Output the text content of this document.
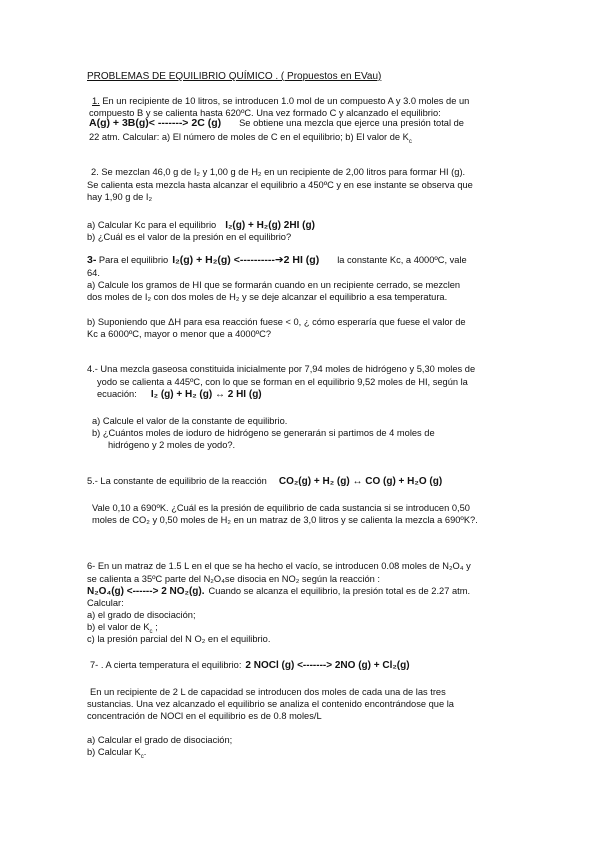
PROBLEMAS DE EQUILIBRIO QUÍMICO . ( Propuestos en EVau)
1. En un recipiente de 10 litros, se introducen 1.0 mol de un compuesto A y 3.0 moles de un
compuesto B y se calienta hasta 620ºC. Una vez formado C y alcanzado el equilibrio:
A(g) + 3B(g)< -------> 2C (g) Se obtiene una mezcla que ejerce una presión total de
22 atm. Calcular: a) El número de moles de C en el equilibrio; b) El valor de $K_c$
2. Se mezclan 46,0 g de I₂ y 1,00 g de H₂ en un recipiente de 2,00 litros para formar HI (g).
Se calienta esta mezcla hasta alcanzar el equilibrio a 450ºC y en ese instante se observa que
hay 1,90 g de I₂
a) Calcular Kc para el equilibrio I₂(g) + H₂(g) 2HI (g)
b) ¿Cuál es el valor de la presión en el equilibrio?
3- Para el equilibrio I₂(g) + H₂(g) <----------➔2 HI (g) la constante Kc, a 4000ºC, vale
64.
a) Calcule los gramos de HI que se formarán cuando en un recipiente cerrado, se mezclen
dos moles de I₂ con dos moles de H₂ y se deje alcanzar el equilibrio a esa temperatura.
b) Suponiendo que ΔH para esa reacción fuese < 0, ¿ cómo esperaría que fuese el valor de
Kc a 6000ºC, mayor o menor que a 4000ºC?
4.- Una mezcla gaseosa constituida inicialmente por 7,94 moles de hidrógeno y 5,30 moles de
yodo se calienta a 445ºC, con lo que se forman en el equilibrio 9,52 moles de HI, según la
ecuación: I₂ (g) + H₂ (g) ↔ 2 HI (g)
a) Calcule el valor de la constante de equilibrio.
b) ¿Cuántos moles de ioduro de hidrógeno se generarán si partimos de 4 moles de
hidrógeno y 2 moles de yodo?.
5.- La constante de equilibrio de la reacción CO₂(g) + H₂ (g) ↔ CO (g) + H₂O (g)
Vale 0,10 a 690ºK. ¿Cuál es la presión de equilibrio de cada sustancia si se introducen 0,50
moles de CO₂ y 0,50 moles de H₂ en un matraz de 3,0 litros y se calienta la mezcla a 690ºK?.
6- En un matraz de 1.5 L en el que se ha hecho el vacío, se introducen 0.08 moles de N₂O₄ y
se calienta a 35ºC parte del N₂O₄se disocia en NO₂ según la reacción :
N₂O₄(g) <------> 2 NO₂(g). Cuando se alcanza el equilibrio, la presión total es de 2.27 atm.
Calcular:
a) el grado de disociación;
b) el valor de $K_c$ ;
c) la presión parcial del N O₂ en el equilibrio.
7- . A cierta temperatura el equilibrio: 2 NOCl (g) <-------> 2NO (g) + Cl₂(g)
En un recipiente de 2 L de capacidad se introducen dos moles de cada una de las tres
sustancias. Una vez alcanzado el equilibrio se analiza el contenido encontrándose que la
concentración de NOCl en el equilibrio es de 0.8 moles/L
a) Calcular el grado de disociación;
b) Calcular $K_c$.
